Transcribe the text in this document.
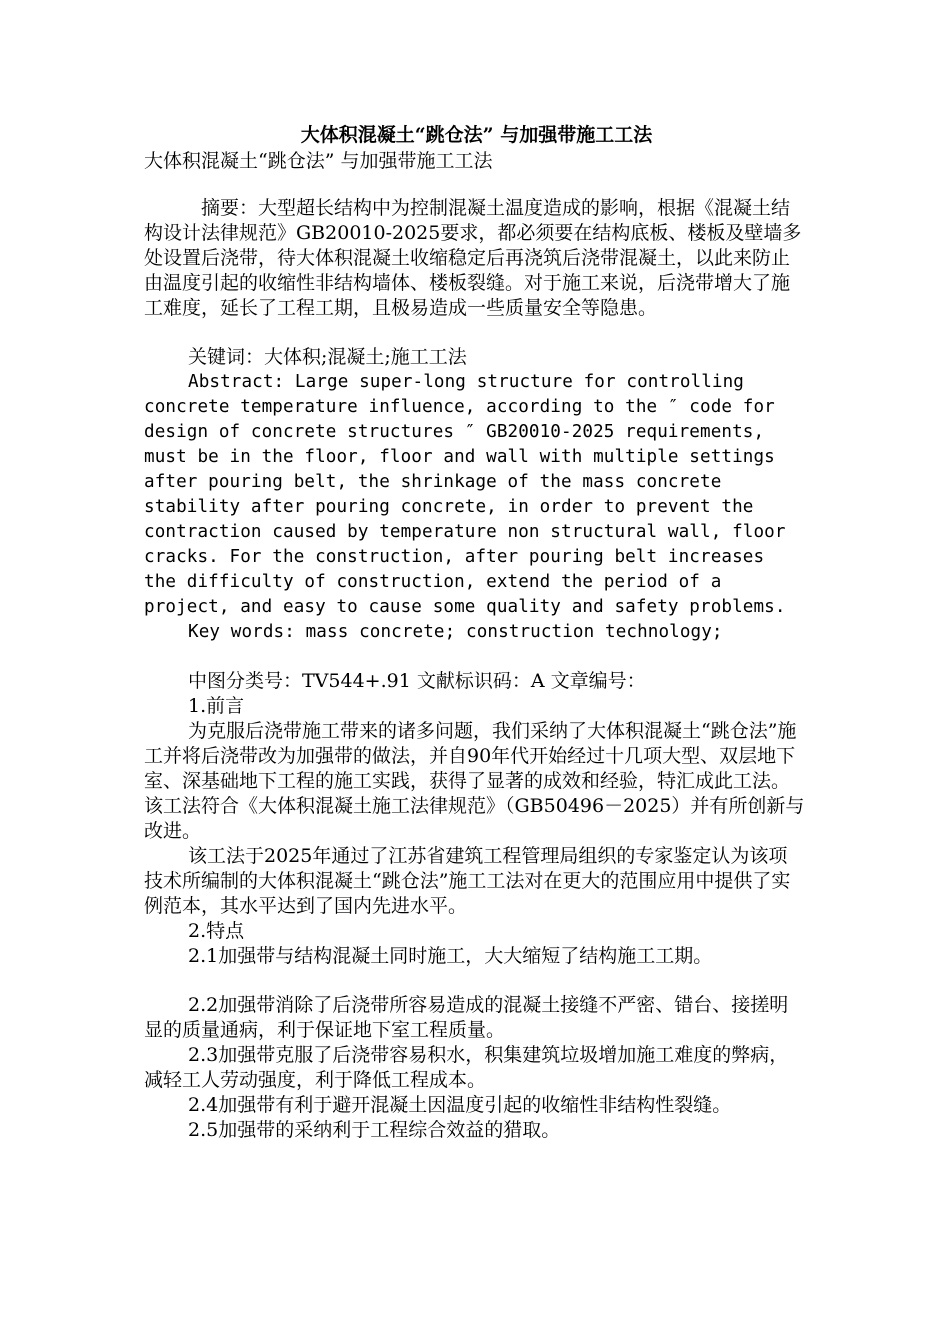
大体积混凝土“跳仓法” 与加强带施工工法

大体积混凝土“跳仓法” 与加强带施工工法

摘要：大型超长结构中为控制混凝土温度造成的影响，根据《混凝土结构设计法律规范》GB20010-2025要求，都必须要在结构底板、楼板及壁墙多处设置后浇带，待大体积混凝土收缩稳定后再浇筑后浇带混凝土，以此来防止由温度引起的收缩性非结构墙体、楼板裂缝。对于施工来说，后浇带增大了施工难度，延长了工程工期，且极易造成一些质量安全等隐患。

关键词：大体积;混凝土;施工工法

Abstract: Large super-long structure for controlling concrete temperature influence, according to the ″ code for design of concrete structures ″ GB20010-2025 requirements, must be in the floor, floor and wall with multiple settings after pouring belt, the shrinkage of the mass concrete stability after pouring concrete, in order to prevent the contraction caused by temperature non structural wall, floor cracks. For the construction, after pouring belt increases the difficulty of construction, extend the period of a project, and easy to cause some quality and safety problems.

Key words: mass concrete; construction technology;

中图分类号：TV544+.91 文献标识码：A 文章编号：

1.前言

为克服后浇带施工带来的诸多问题，我们采纳了大体积混凝土“跳仓法”施工并将后浇带改为加强带的做法，并自90年代开始经过十几项大型、双层地下室、深基础地下工程的施工实践，获得了显著的成效和经验，特汇成此工法。该工法符合《大体积混凝土施工法律规范》（GB50496－2025）并有所创新与改进。

该工法于2025年通过了江苏省建筑工程管理局组织的专家鉴定认为该项技术所编制的大体积混凝土“跳仓法”施工工法对在更大的范围应用中提供了实例范本，其水平达到了国内先进水平。

2.特点

2.1加强带与结构混凝土同时施工，大大缩短了结构施工工期。

2.2加强带消除了后浇带所容易造成的混凝土接缝不严密、错台、接搓明显的质量通病，利于保证地下室工程质量。

2.3加强带克服了后浇带容易积水，积集建筑垃圾增加施工难度的弊病，减轻工人劳动强度，利于降低工程成本。

2.4加强带有利于避开混凝土因温度引起的收缩性非结构性裂缝。

2.5加强带的采纳利于工程综合效益的猎取。
